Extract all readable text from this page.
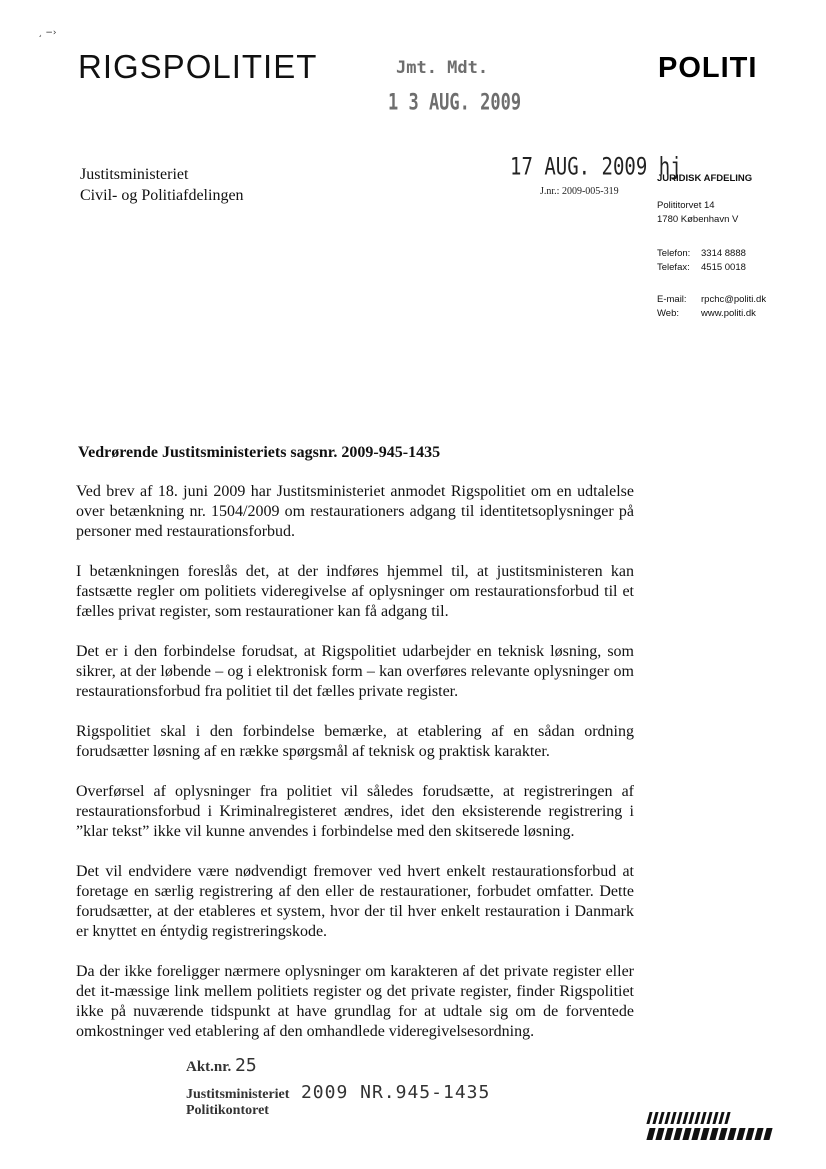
¸ −›
RIGSPOLITIET	POLITI
Jmt. Mdt.
1 3 AUG. 2009
17 AUG. 2009 hj
Justitsministeriet
Civil- og Politiafdelingen	J.nr.: 2009-005-319
JURIDISK AFDELING
Polititorvet 14
1780 København V
Telefon:	3314 8888
Telefax:	4515 0018
E-mail:	rpchc@politi.dk
Web:	www.politi.dk
Vedrørende Justitsministeriets sagsnr. 2009-945-1435

Ved brev af 18. juni 2009 har Justitsministeriet anmodet Rigspolitiet om en udtalelse over betænkning nr. 1504/2009 om restaurationers adgang til identitetsoplysninger på personer med restaurationsforbud.

I betænkningen foreslås det, at der indføres hjemmel til, at justitsministeren kan fastsætte regler om politiets videregivelse af oplysninger om restaurationsforbud til et fælles privat register, som restaurationer kan få adgang til.

Det er i den forbindelse forudsat, at Rigspolitiet udarbejder en teknisk løsning, som sikrer, at der løbende – og i elektronisk form – kan overføres relevante oplysninger om restaurationsforbud fra politiet til det fælles private register.

Rigspolitiet skal i den forbindelse bemærke, at etablering af en sådan ordning forudsætter løsning af en række spørgsmål af teknisk og praktisk karakter.

Overførsel af oplysninger fra politiet vil således forudsætte, at registreringen af restaurationsforbud i Kriminalregisteret ændres, idet den eksisterende registrering i ”klar tekst” ikke vil kunne anvendes i forbindelse med den skitserede løsning.

Det vil endvidere være nødvendigt fremover ved hvert enkelt restaurationsforbud at foretage en særlig registrering af den eller de restaurationer, forbudet omfatter. Dette forudsætter, at der etableres et system, hvor der til hver enkelt restauration i Danmark er knyttet en éntydig registreringskode.

Da der ikke foreligger nærmere oplysninger om karakteren af det private register eller det it-mæssige link mellem politiets register og det private register, finder Rigspolitiet ikke på nuværende tidspunkt at have grundlag for at udtale sig om de forventede omkostninger ved etablering af den omhandlede videregivelsesordning.

Akt.nr. 25
Justitsministeriet 2009 NR.945-1435
Politikontoret
